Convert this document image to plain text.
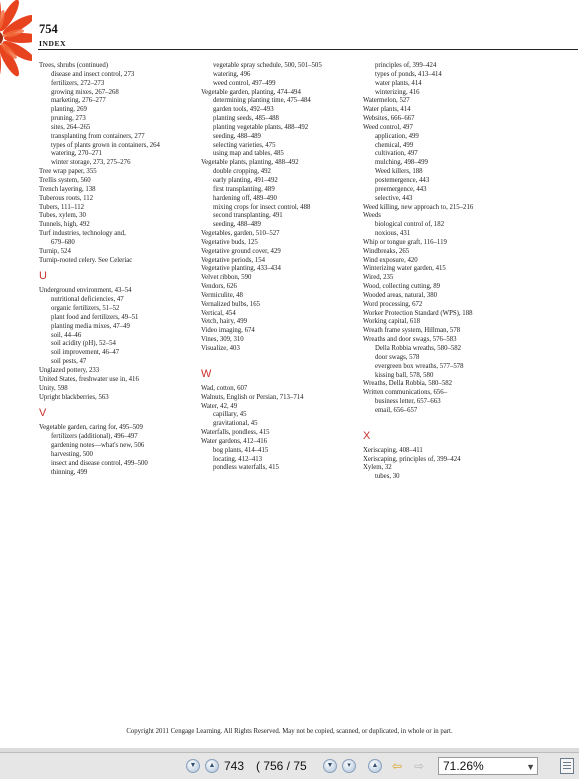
754
INDEX
Trees, shrubs (continued)
disease and insect control, 273
fertilizers, 272–273
growing mixes, 267–268
marketing, 276–277
planting, 269
pruning, 273
sites, 264–265
transplanting from containers, 277
types of plants grown in containers, 264
watering, 270–271
winter storage, 273, 275–276
Tree wrap paper, 355
Trellis system, 560
Trench layering, 138
Tuberous roots, 112
Tubers, 111–112
Tubes, xylem, 30
Tunnels, high, 492
Turf industries, technology and,
679–680
Turnip, 524
Turnip-rooted celery. See Celeriac
U
Underground environment, 43–54
nutritional deficiencies, 47
organic fertilizers, 51–52
plant food and fertilizers, 49–51
planting media mixes, 47–49
soil, 44–46
soil acidity (pH), 52–54
soil improvement, 46–47
soil pests, 47
Unglazed pottery, 233
United States, freshwater use in, 416
Unity, 598
Upright blackberries, 563
V
Vegetable garden, caring for, 495–509
fertilizers (additional), 496–497
gardening notes—what's new, 506
harvesting, 500
insect and disease control, 499–500
thinning, 499
vegetable spray schedule, 500, 501–505
watering, 496
weed control, 497–499
Vegetable garden, planting, 474–494
determining planting time, 475–484
garden tools, 492–493
planting seeds, 485–488
planting vegetable plants, 488–492
seeding, 488–489
selecting varieties, 475
using map and tables, 485
Vegetable plants, planting, 488–492
double cropping, 492
early planting, 491–492
first transplanting, 489
hardening off, 489–490
mixing crops for insect control, 488
second transplanting, 491
seeding, 488–489
Vegetables, garden, 510–527
Vegetative buds, 125
Vegetative ground cover, 429
Vegetative periods, 154
Vegetative planting, 433–434
Velvet ribbon, 590
Vendors, 626
Vermiculite, 48
Vernalized bulbs, 165
Vertical, 454
Vetch, hairy, 499
Video imaging, 674
Vines, 309, 310
Visualize, 403
W
Wad, cotton, 607
Walnuts, English or Persian, 713–714
Water, 42, 49
capillary, 45
gravitational, 45
Waterfalls, pondless, 415
Water gardens, 412–416
bog plants, 414–415
locating, 412–413
pondless waterfalls, 415
principles of, 399–424
types of ponds, 413–414
water plants, 414
winterizing, 416
Watermelon, 527
Water plants, 414
Websites, 666–667
Weed control, 497
application, 499
chemical, 499
cultivation, 497
mulching, 498–499
Weed killers, 188
postemergence, 443
preemergence, 443
selective, 443
Weed killing, new approach to, 215–216
Weeds
biological control of, 182
noxious, 431
Whip or tongue graft, 116–119
Windbreaks, 265
Wind exposure, 420
Winterizing water garden, 415
Wired, 235
Wood, collecting cutting, 89
Wooded areas, natural, 380
Word processing, 672
Worker Protection Standard (WPS), 188
Working capital, 618
Wreath frame system, Hillman, 578
Wreaths and door swags, 576–583
Della Robbia wreaths, 580–582
door swags, 578
evergreen box wreaths, 577–578
kissing ball, 578, 580
Wreaths, Della Robbia, 580–582
Written communications, 656–
business letter, 657–663
email, 656–657
X
Xeriscaping, 408–411
Xeriscaping, principles of, 399–424
Xylem, 32
tubes, 30
Copyright 2011 Cengage Learning. All Rights Reserved. May not be copied, scanned, or duplicated, in whole or in part.
▼	▲ 743 ( 756 / 75	▼	▾	▲ ⇦ ⇨	71.26%	▼
